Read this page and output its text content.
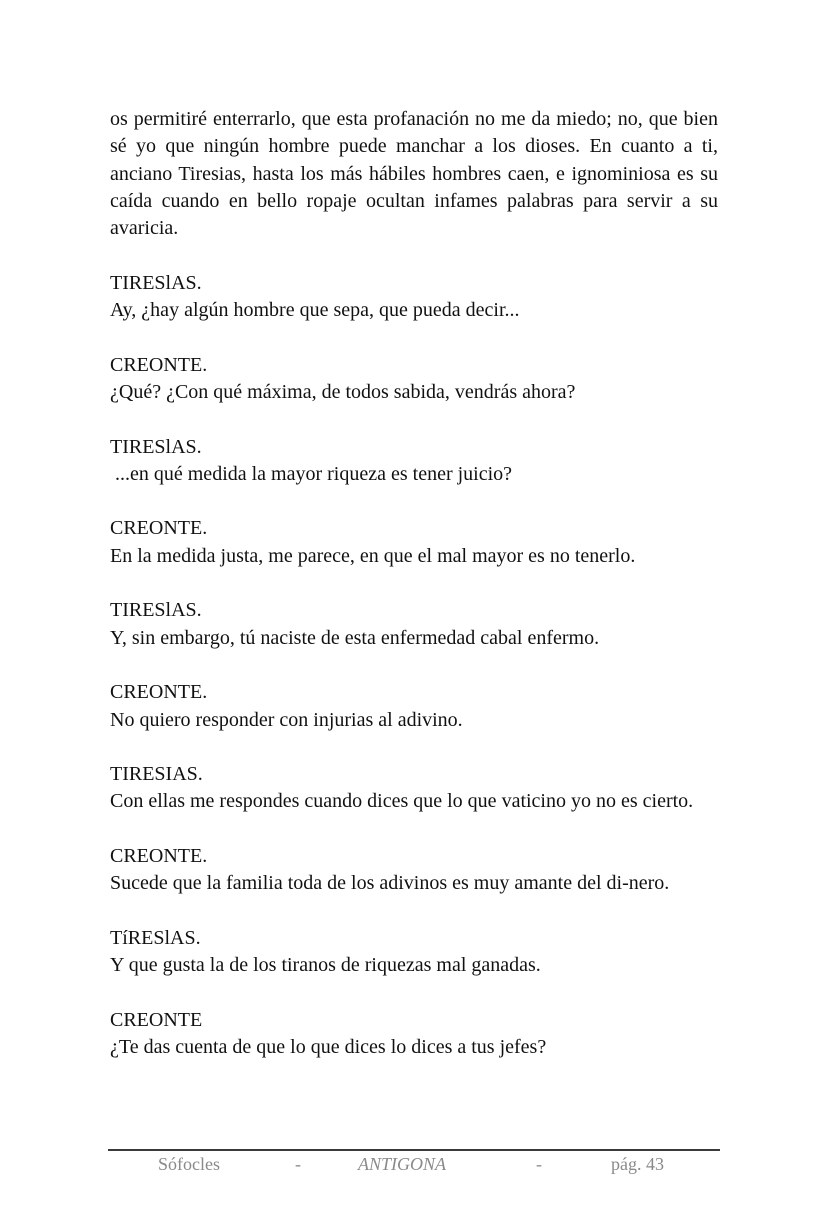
os permitiré enterrarlo, que esta profanación no me da miedo; no, que bien sé yo que ningún hombre puede manchar a los dioses. En cuanto a ti, anciano Tiresias, hasta los más hábiles hombres caen, e ignominiosa es su caída cuando en bello ropaje ocultan infames palabras para servir a su avaricia.

TIRESlAS.

Ay, ¿hay algún hombre que sepa, que pueda decir...

CREONTE.

¿Qué? ¿Con qué máxima, de todos sabida, vendrás ahora?

TIRESlAS.

...en qué medida la mayor riqueza es tener juicio?

CREONTE.

En la medida justa, me parece, en que el mal mayor es no tenerlo.

TIRESlAS.

Y, sin embargo, tú naciste de esta enfermedad cabal enfermo.

CREONTE.

No quiero responder con injurias al adivino.

TIRESIAS.

Con ellas me respondes cuando dices que lo que vaticino yo no es cierto.

CREONTE.

Sucede que la familia toda de los adivinos es muy amante del di-nero.

TíRESlAS.

Y que gusta la de los tiranos de riquezas mal ganadas.

CREONTE

¿Te das cuenta de que lo que dices lo dices a tus jefes?

Sófocles	-	ANTIGONA	-	pág. 43
